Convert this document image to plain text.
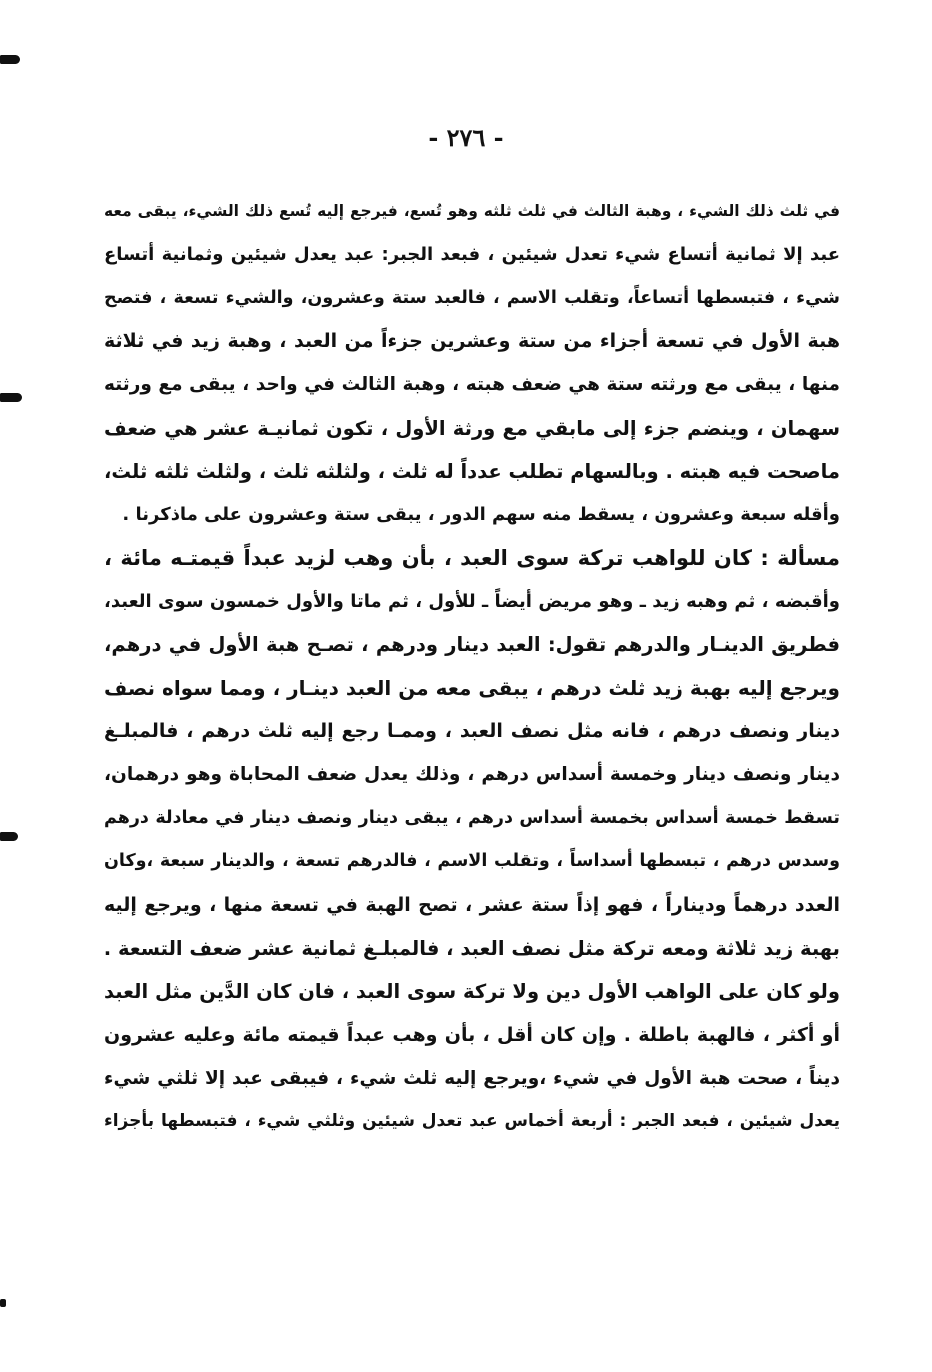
- ٢٧٦ -
في ثلث ذلك الشيء ، وهبة الثالث في ثلث ثلثه وهو تُسع، فيرجع إليه تُسع ذلك الشيء، يبقى معه
عبد إلا ثمانية أتساع شيء تعدل شيئين ، فبعد الجبر: عبد يعدل شيئين وثمانية أتساع
شيء ، فتبسطها أتساعاً، وتقلب الاسم ، فالعبد ستة وعشرون، والشيء تسعة ، فتصح
هبة الأول في تسعة أجزاء من ستة وعشرين جزءاً من العبد ، وهبة زيد في ثلاثة
منها ، يبقى مع ورثته ستة هي ضعف هبته ، وهبة الثالث في واحد ، يبقى مع ورثته
سهمان ، وينضم جزء إلى مابقي مع ورثة الأول ، تكون ثمانيـة عشر هي ضعف
ماصحت فيه هبته . وبالسهام تطلب عدداً له ثلث ، ولثلثه ثلث ، ولثلث ثلثه ثلث،
وأقله سبعة وعشرون ، يسقط منه سهم الدور ، يبقى ستة وعشرون على ماذكرنا .
مسألة : كان للواهب تركة سوى العبد ، بأن وهب لزيد عبداً قيمتـه مائة ،
وأقبضه ، ثم وهبه زيد ـ وهو مريض أيضاً ـ للأول ، ثم ماتا والأول خمسون سوى العبد،
فطريق الدينـار والدرهم تقول: العبد دينار ودرهم ، تصـح هبة الأول في درهم،
ويرجع إليه بهبة زيد ثلث درهم ، يبقى معه من العبد دينـار ، ومما سواه نصف
دينار ونصف درهم ، فانه مثل نصف العبد ، وممـا رجع إليه ثلث درهم ، فالمبلـغ
دينار ونصف دينار وخمسة أسداس درهم ، وذلك يعدل ضعف المحاباة وهو درهمان،
تسقط خمسة أسداس بخمسة أسداس درهم ، يبقى دينار ونصف دينار في معادلة درهم
وسدس درهم ، تبسطها أسداساً ، وتقلب الاسم ، فالدرهم تسعة ، والدينار سبعة ،وكان
العدد درهماً وديناراً ، فهو إذاً ستة عشر ، تصح الهبة في تسعة منها ، ويرجع إليه
بهبة زيد ثلاثة ومعه تركة مثل نصف العبد ، فالمبلـغ ثمانية عشر ضعف التسعة .
ولو كان على الواهب الأول دين ولا تركة سوى العبد ، فان كان الدَّين مثل العبد
أو أكثر ، فالهبة باطلة . وإن كان أقل ، بأن وهب عبداً قيمته مائة وعليه عشرون
ديناً ، صحت هبة الأول في شيء ،ويرجع إليه ثلث شيء ، فيبقى عبد إلا ثلثي شيء
يعدل شيئين ، فبعد الجبر : أربعة أخماس عبد تعدل شيئين وثلثي شيء ، فتبسطها بأجزاء
